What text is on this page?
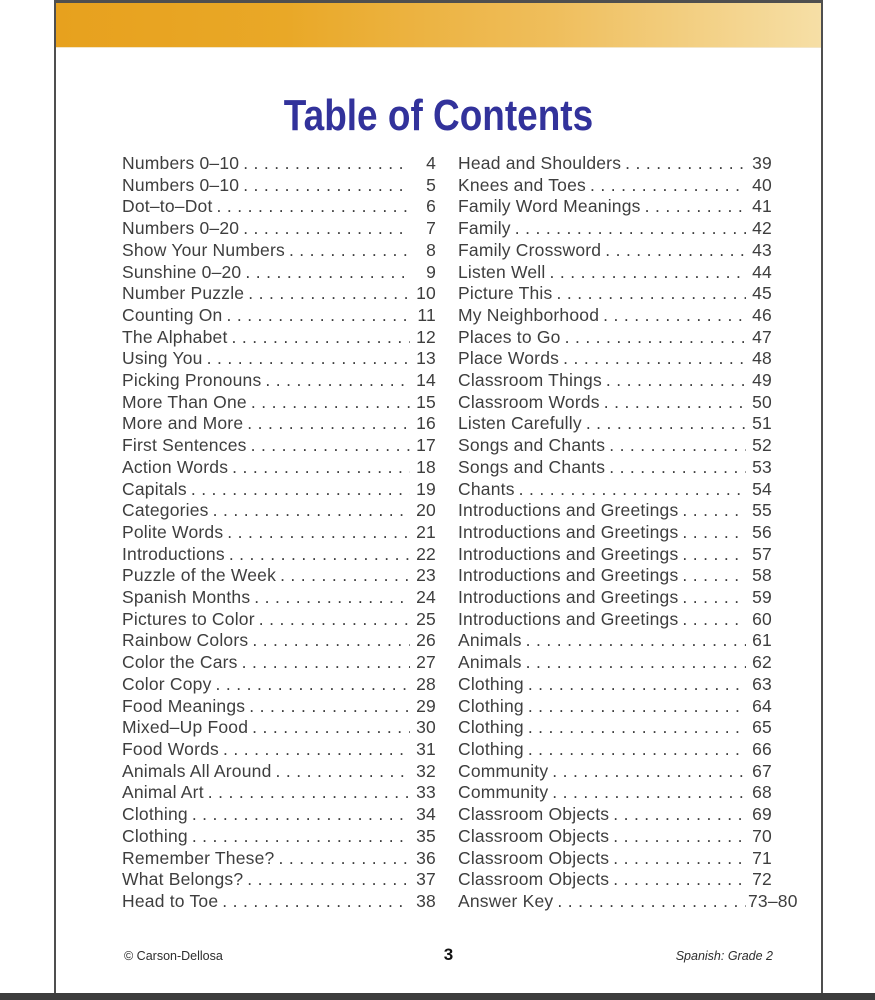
Table of Contents
Numbers 0–10 .....	4
Numbers 0–10 .....	5
Dot–to–Dot .....	6
Numbers 0–20 .....	7
Show Your Numbers .....	8
Sunshine 0–20 .....	9
Number Puzzle .....	10
Counting On .....	11
The Alphabet .....	12
Using You .....	13
Picking Pronouns .....	14
More Than One .....	15
More and More .....	16
First Sentences .....	17
Action Words .....	18
Capitals .....	19
Categories .....	20
Polite Words .....	21
Introductions .....	22
Puzzle of the Week .....	23
Spanish Months .....	24
Pictures to Color .....	25
Rainbow Colors .....	26
Color the Cars .....	27
Color Copy .....	28
Food Meanings .....	29
Mixed–Up Food .....	30
Food Words .....	31
Animals All Around .....	32
Animal Art .....	33
Clothing .....	34
Clothing .....	35
Remember These? .....	36
What Belongs? .....	37
Head to Toe .....	38
Head and Shoulders .....	39
Knees and Toes .....	40
Family Word Meanings .....	41
Family .....	42
Family Crossword .....	43
Listen Well .....	44
Picture This .....	45
My Neighborhood .....	46
Places to Go .....	47
Place Words .....	48
Classroom Things .....	49
Classroom Words .....	50
Listen Carefully .....	51
Songs and Chants .....	52
Songs and Chants .....	53
Chants .....	54
Introductions and Greetings .....	55
Introductions and Greetings .....	56
Introductions and Greetings .....	57
Introductions and Greetings .....	58
Introductions and Greetings .....	59
Introductions and Greetings .....	60
Animals .....	61
Animals .....	62
Clothing .....	63
Clothing .....	64
Clothing .....	65
Clothing .....	66
Community .....	67
Community .....	68
Classroom Objects .....	69
Classroom Objects .....	70
Classroom Objects .....	71
Classroom Objects .....	72
Answer Key .....	73–80
© Carson-Dellosa	3	Spanish: Grade 2
